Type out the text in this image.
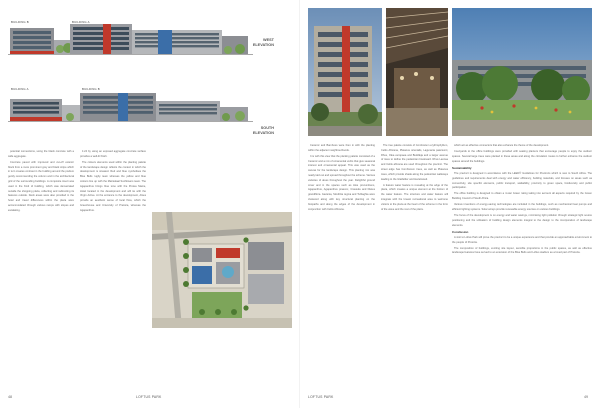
BUILDING B	BUILDING A
WEST
ELEVATION
BUILDING A	BUILDING B
SOUTH
ELEVATION

potential connections, using the black concrete with a wide aggregate.

Concrete paved with improved and cut-off exterior block from a more prominent grey and black stripe which in turn creates contrast in the building around the podium gently recommending the column and in the architectural grid of the surrounding buildings. A composite insert was used in the Kind of building, which was demarcated outside the shopping plaza, collecting and redirecting its features outside. Deck areas were also provided in the hotel and travel differences within the plaza were accommodated through various ramps with slopes and escalating.

1:24 by using an exposed aggregate concrete surface provides a well-lit finish.

The colours elements used within the planting palette of the landscape design reflects the context in which the development is situated. Red and blue symbolises the Blue Bulls rugby team whereas the yellow and blue colours line up with the Matriekaal Sunflowers team. The Agapanthus brings blue tone with the Protea Manie, Hotel located in the development and will tie with the Virgin Active. At the entrance to the development, Aloes provide an aesthetic sense of local flora, which the Greenhouse and University of Pretoria, whereas the Agapanthus.

48	LOFTUS PARK

Ceramic and Bambuso were then in with the planting within the adjacent neighbourhoods.

It is with this view that the planting palette consisted of a Ceramic and a mix of ornamental verbs that give seasonal interest and ornamental appeal. This was used as the canvas for the landscape design. This planting mix was neatly laid out and spread throughout the scheme. Various varieties of aloes throughout the year. Delightful ground cover and in the spaces such as Aloe procumbens, Agapanthus, Agapanthus praecox, Crassula and Dietes grandiflora. Gazania, Strelitzia regina and Tulbaghia were clustered along with key structural planting on the footpaths and along the edges of the development in conjunction with Celtis Africana.

The tree palette consists of Combretum erythrophyllum, Celtis Africana, Platanus orientalis, Lagunaria patersonii, Rhus, Olea europaea and Buddleja and a larger avenue of trees to define the pedestrian boulevard. Rhus Lancea and Celtis africana are used throughout the precinct. The street edge has Combretum trees, as well as Platanus trees, which provide shade along the pedestrian walkways leading to the Glatfelder and Hazelwood.

A feature water feature is revealing at the edge of the plaza, which creates a unique element at the bottom of the water feature. The structure and water feature will integrate with the lowest recreational area to welcome visitors to the plaza at the heart of the scheme in the form of the wave and the rest of the plaza.

which act as effective connectors that also enhance the theme of the development.

Courtyards to the office buildings were provided with seating planters that encourage people to enjoy the outdoor spaces. Several large trees were planted in these areas and along the circulation routes to further enhance the outdoor spaces around the buildings.

Sustainability

The precinct is designed in accordance with the LEED® Guidelines for Precincts which is new to South Africa. The guidelines and requirements deal with energy and water efficiency, building materials, and focuses on areas such as connectivity, site specific elements, public transport, walkability, proximity to green space, biodiversity and public participation.

The office building is designed to obtain a 4-star Green rating taking into account all aspects required by the Green Building Council of South Africa.

Various inventions of energy-saving technologies are included in the buildings, such as mechanical heat pumps and efficient lighting systems. Solar arrays provide renewable energy sources on various buildings.

The focus of the development is on energy and water savings, minimising light pollution through strategic light source positioning and the utilisation of building design elements integral to the design to the incorporation of landscape elements.

Conclusion

A visit to Loftus Park will prove the precinct to be a unique experience and that provide an approachable environment to the people of Pretoria.

The composition of buildings, exciting site layout, sensible proportions in the public spaces, as well as effective landscape features have served to an extension of the Blue Bulls and Loftus stadium as a loved part of Pretoria.

LOFTUS PARK	49
